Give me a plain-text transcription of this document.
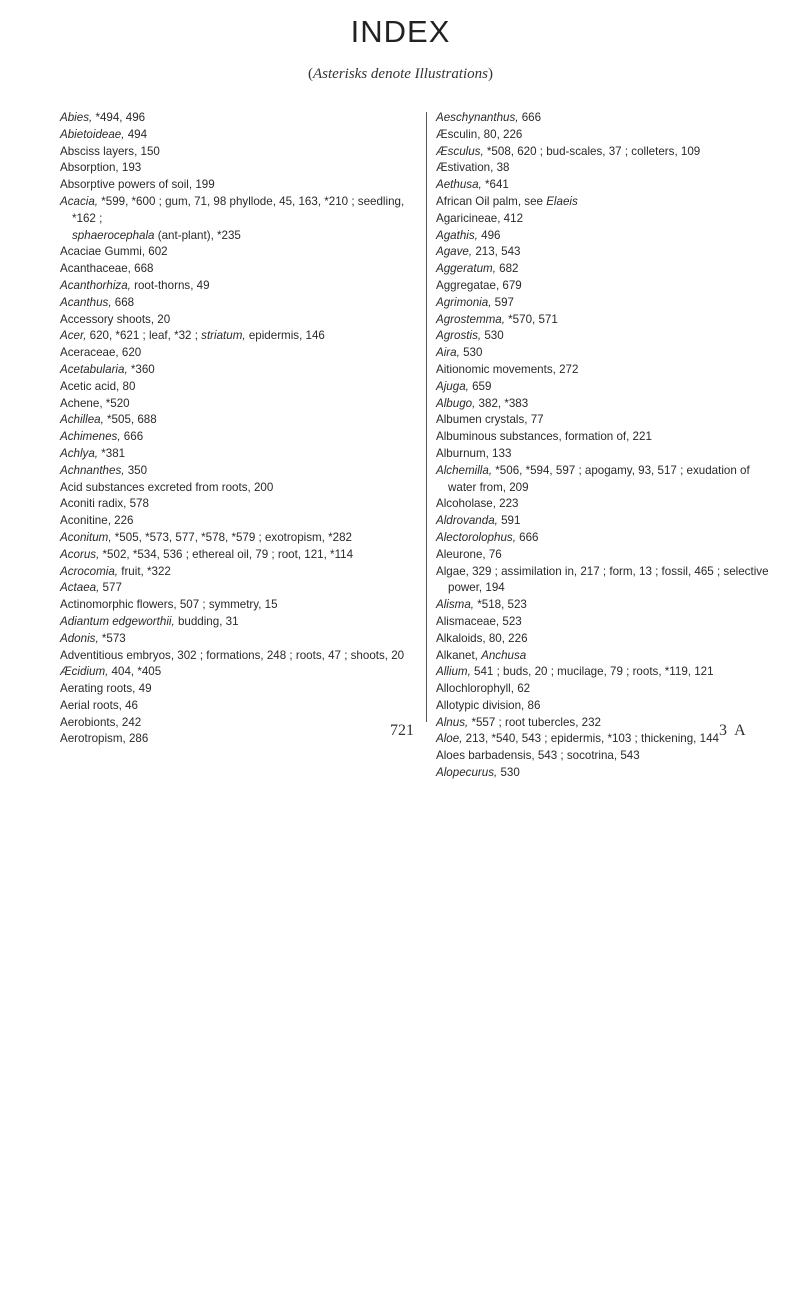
INDEX
(Asterisks denote Illustrations)
Abies, *494, 496
Abietoideae, 494
Absciss layers, 150
Absorption, 193
Absorptive powers of soil, 199
Acacia, *599, *600 ; gum, 71, 98 phyllode, 45, 163, *210 ; seedling, *162 ;
sphaerocephala (ant-plant), *235
Acaciae Gummi, 602
Acanthaceae, 668
Acanthorhiza, root-thorns, 49
Acanthus, 668
Accessory shoots, 20
Acer, 620, *621 ; leaf, *32 ; striatum, epidermis, 146
Aceraceae, 620
Acetabularia, *360
Acetic acid, 80
Achene, *520
Achillea, *505, 688
Achimenes, 666
Achlya, *381
Achnanthes, 350
Acid substances excreted from roots, 200
Aconiti radix, 578
Aconitine, 226
Aconitum, *505, *573, 577, *578, *579 ; exotropism, *282
Acorus, *502, *534, 536 ; ethereal oil, 79 ; root, 121, *114
Acrocomia, fruit, *322
Actaea, 577
Actinomorphic flowers, 507 ; symmetry, 15
Adiantum edgeworthii, budding, 31
Adonis, *573
Adventitious embryos, 302 ; formations, 248 ; roots, 47 ; shoots, 20
Æcidium, 404, *405
Aerating roots, 49
Aerial roots, 46
Aerobionts, 242
Aerotropism, 286
Aeschynanthus, 666
Æsculin, 80, 226
Æsculus, *508, 620 ; bud-scales, 37 ; colleters, 109
Æstivation, 38
Aethusa, *641
African Oil palm, see Elaeis
Agaricineae, 412
Agathis, 496
Agave, 213, 543
Aggeratum, 682
Aggregatae, 679
Agrimonia, 597
Agrostemma, *570, 571
Agrostis, 530
Aira, 530
Aitionomic movements, 272
Ajuga, 659
Albugo, 382, *383
Albumen crystals, 77
Albuminous substances, formation of, 221
Alburnum, 133
Alchemilla, *506, *594, 597 ; apogamy, 93, 517 ; exudation of water from, 209
Alcoholase, 223
Aldrovanda, 591
Alectorolophus, 666
Aleurone, 76
Algae, 329 ; assimilation in, 217 ; form, 13 ; fossil, 465 ; selective power, 194
Alisma, *518, 523
Alismaceae, 523
Alkaloids, 80, 226
Alkanet, Anchusa
Allium, 541 ; buds, 20 ; mucilage, 79 ; roots, *119, 121
Allochlorophyll, 62
Allotypic division, 86
Alnus, *557 ; root tubercles, 232
Aloe, 213, *540, 543 ; epidermis, *103 ; thickening, 144
Aloes barbadensis, 543 ; socotrina, 543
Alopecurus, 530
721	3 A
